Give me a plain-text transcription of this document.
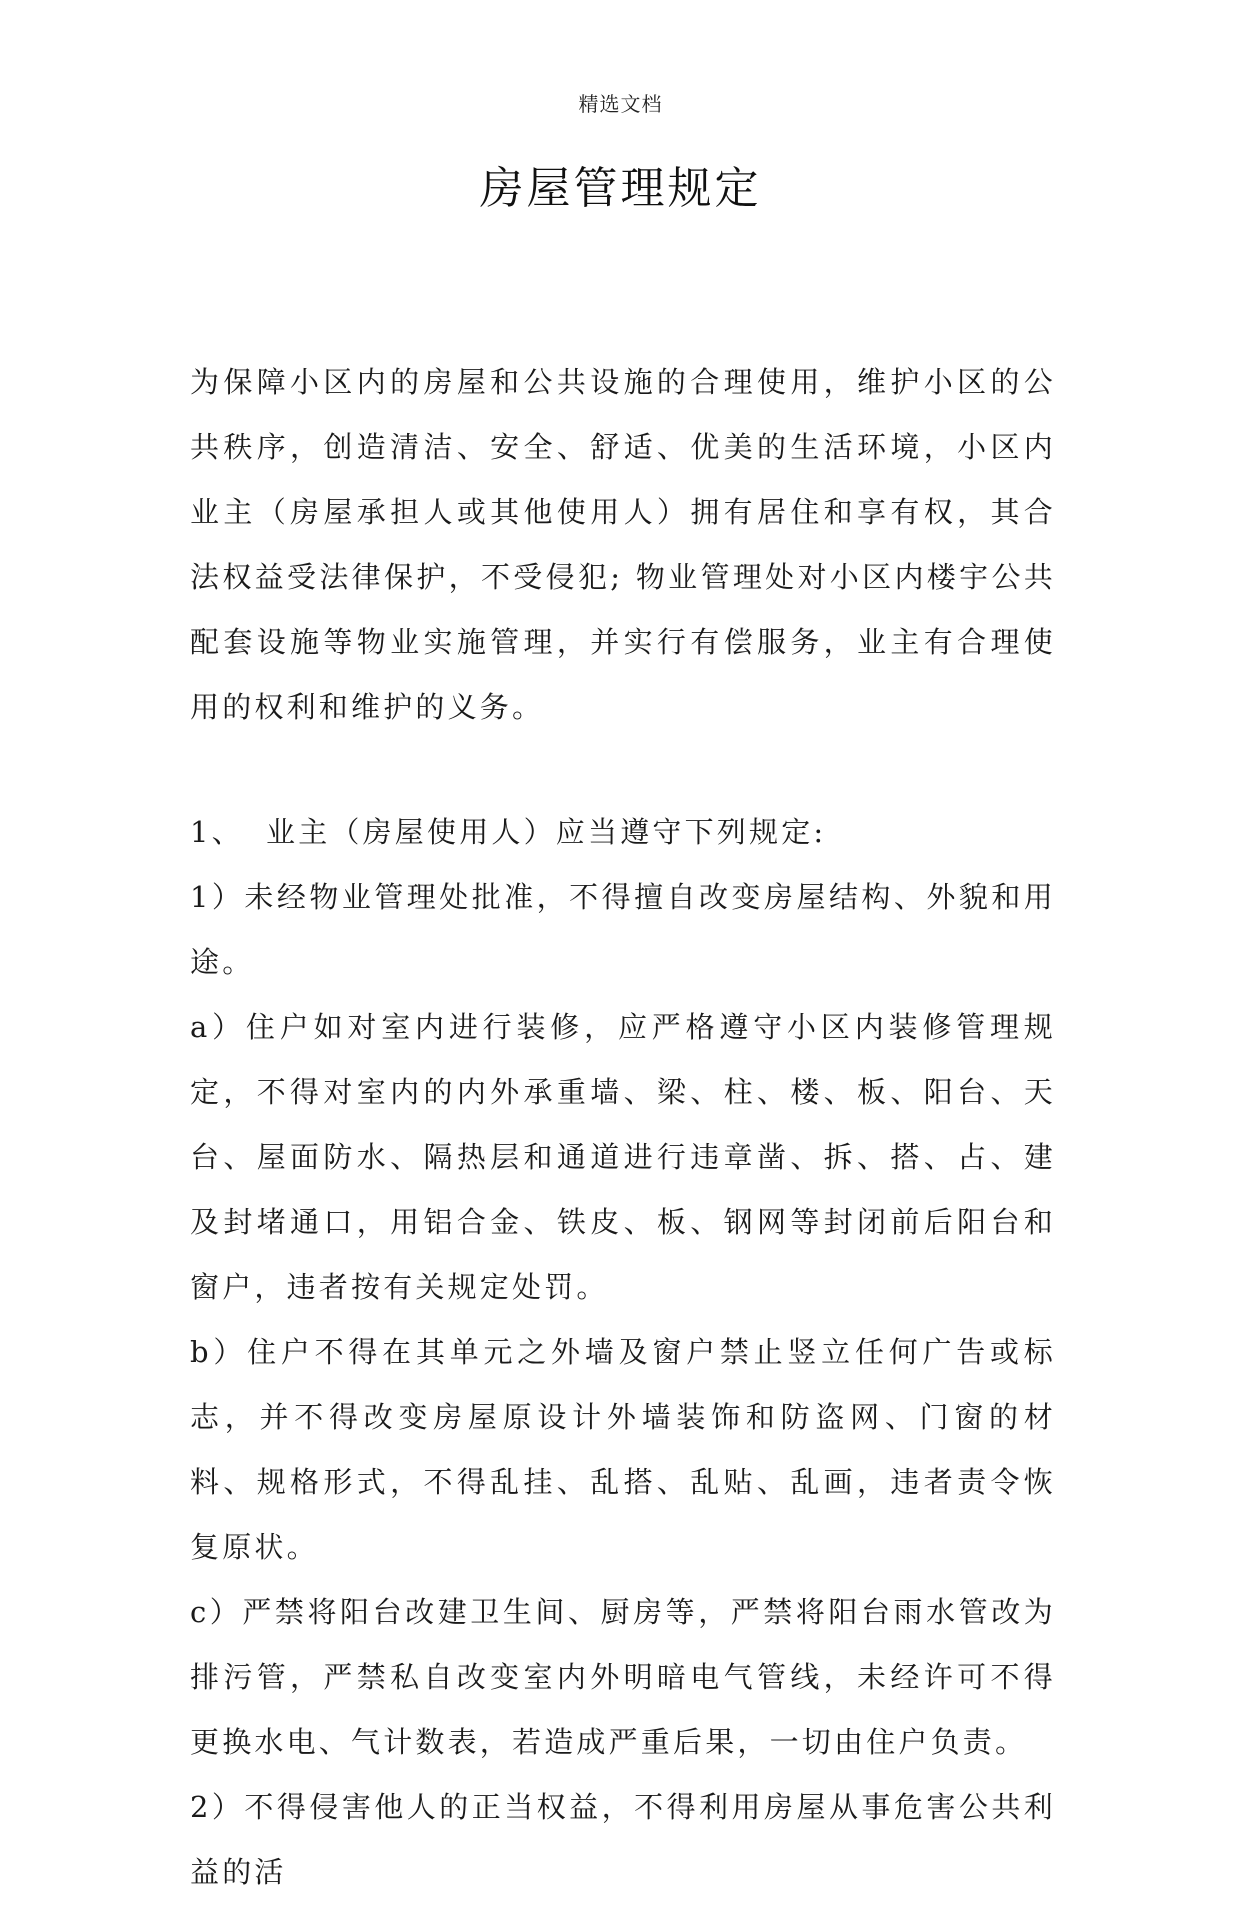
精选文档
房屋管理规定

为保障小区内的房屋和公共设施的合理使用，维护小区的公共秩序，创造清洁、安全、舒适、优美的生活环境，小区内业主（房屋承担人或其他使用人）拥有居住和享有权，其合法权益受法律保护，不受侵犯; 物业管理处对小区内楼宇公共配套设施等物业实施管理，并实行有偿服务，业主有合理使用的权利和维护的义务。

1、 业主（房屋使用人）应当遵守下列规定:

1）未经物业管理处批准，不得擅自改变房屋结构、外貌和用途。

a）住户如对室内进行装修，应严格遵守小区内装修管理规定，不得对室内的内外承重墙、梁、柱、楼、板、阳台、天台、屋面防水、隔热层和通道进行违章凿、拆、搭、占、建及封堵通口，用铝合金、铁皮、板、钢网等封闭前后阳台和窗户，违者按有关规定处罚。

b）住户不得在其单元之外墙及窗户禁止竖立任何广告或标志，并不得改变房屋原设计外墙装饰和防盗网、门窗的材料、规格形式，不得乱挂、乱搭、乱贴、乱画，违者责令恢复原状。

c）严禁将阳台改建卫生间、厨房等，严禁将阳台雨水管改为排污管，严禁私自改变室内外明暗电气管线，未经许可不得更换水电、气计数表，若造成严重后果，一切由住户负责。

2）不得侵害他人的正当权益，不得利用房屋从事危害公共利益的活
